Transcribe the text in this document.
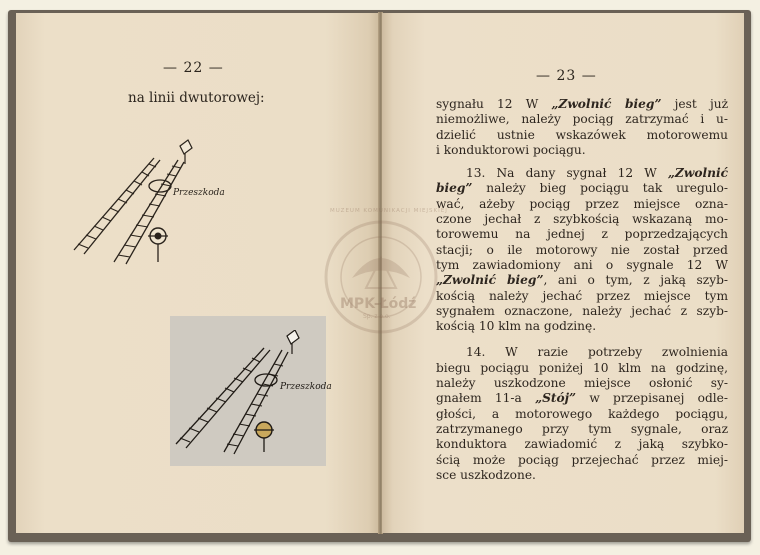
— 22 —
na linii dwutorowej:
Przeszkoda
Przeszkoda
— 23 —

sygnału 12 W „Zwolnić bieg” jest już
niemożliwe, należy pociąg zatrzymać i u-
dzielić ustnie wskazówek motorowemu
i konduktorowi pociągu.

13. Na dany sygnał 12 W „Zwolnić
bieg” należy bieg pociągu tak uregulo-
wać, ażeby pociąg przez miejsce ozna-
czone jechał z szybkością wskazaną mo-
torowemu na jednej z poprzedzających
stacji; o ile motorowy nie został przed
tym zawiadomiony ani o sygnale 12 W
„Zwolnić bieg”, ani o tym, z jaką szyb-
kością należy jechać przez miejsce tym
sygnałem oznaczone, należy jechać z szyb-
kością 10 klm na godzinę.

14. W razie potrzeby zwolnienia
biegu pociągu poniżej 10 klm na godzinę,
należy uszkodzone miejsce osłonić sy-
gnałem 11-a „Stój” w przepisanej odle-
głości, a motorowego każdego pociągu,
zatrzymanego przy tym sygnale, oraz
konduktora zawiadomić z jaką szybko-
ścią może pociąg przejechać przez miej-
sce uszkodzone.

MPK-Łódź
Sp. z o.o.
MUZEUM KOMUNIKACJI MIEJSKIEJ
